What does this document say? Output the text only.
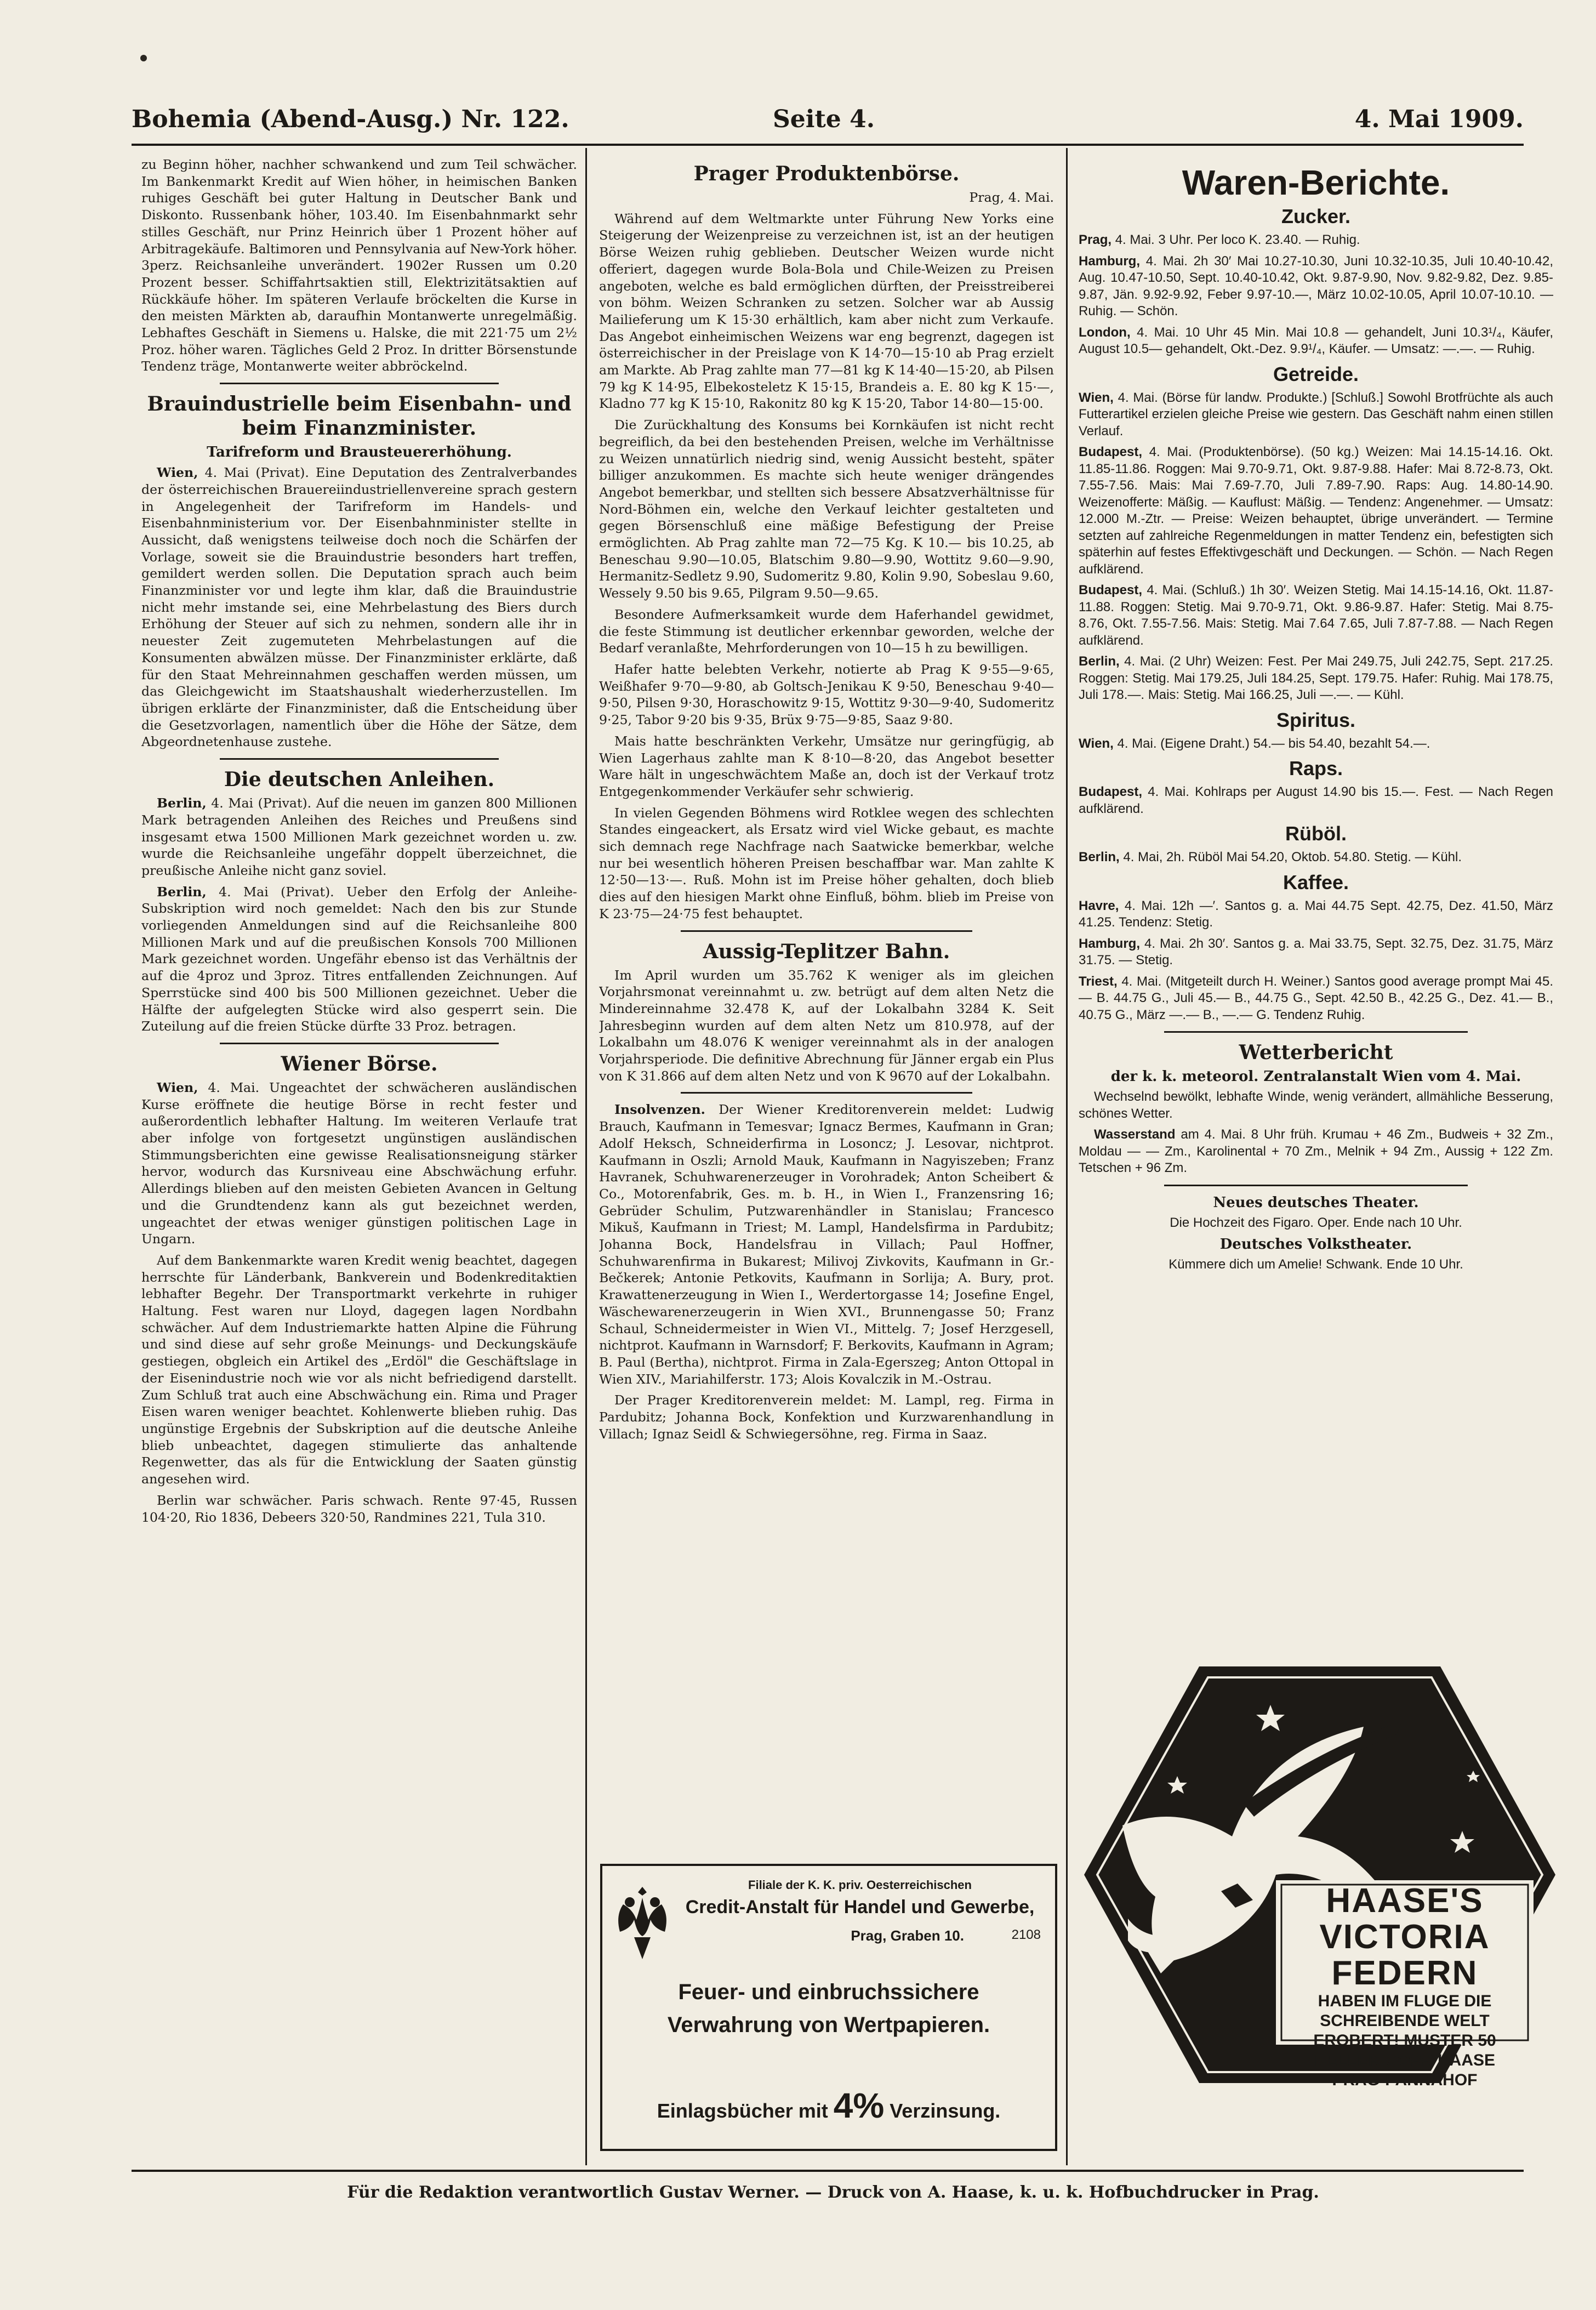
Bohemia (Abend-Ausg.) Nr. 122.	Seite 4.	4. Mai 1909.

zu Beginn höher, nachher schwankend und zum Teil schwächer. Im Bankenmarkt Kredit auf Wien höher, in heimischen Banken ruhiges Geschäft bei guter Haltung in Deutscher Bank und Diskonto. Russenbank höher, 103.40. Im Eisenbahnmarkt sehr stilles Geschäft, nur Prinz Heinrich über 1 Prozent höher auf Arbitragekäufe. Baltimoren und Pennsylvania auf New-York höher. 3perz. Reichsanleihe unverändert. 1902er Russen um 0.20 Prozent besser. Schiffahrtsaktien still, Elektrizitätsaktien auf Rückkäufe höher. Im späteren Verlaufe bröckelten die Kurse in den meisten Märkten ab, daraufhin Montanwerte unregelmäßig. Lebhaftes Geschäft in Siemens u. Halske, die mit 221·75 um 2½ Proz. höher waren. Tägliches Geld 2 Proz. In dritter Börsenstunde Tendenz träge, Montanwerte weiter abbröckelnd.

Brauindustrielle beim Eisenbahn- und beim Finanzminister.
Tarifreform und Brausteuererhöhung.

Wien, 4. Mai (Privat). Eine Deputation des Zentralverbandes der österreichischen Brauereiindustriellenvereine sprach gestern in Angelegenheit der Tarifreform im Handels- und Eisenbahnministerium vor. Der Eisenbahnminister stellte in Aussicht, daß wenigstens teilweise doch noch die Schärfen der Vorlage, soweit sie die Brauindustrie besonders hart treffen, gemildert werden sollen. Die Deputation sprach auch beim Finanzminister vor und legte ihm klar, daß die Brauindustrie nicht mehr imstande sei, eine Mehrbelastung des Biers durch Erhöhung der Steuer auf sich zu nehmen, sondern alle ihr in neuester Zeit zugemuteten Mehrbelastungen auf die Konsumenten abwälzen müsse. Der Finanzminister erklärte, daß für den Staat Mehreinnahmen geschaffen werden müssen, um das Gleichgewicht im Staatshaushalt wiederherzustellen. Im übrigen erklärte der Finanzminister, daß die Entscheidung über die Gesetzvorlagen, namentlich über die Höhe der Sätze, dem Abgeordnetenhause zustehe.

Die deutschen Anleihen.

Berlin, 4. Mai (Privat). Auf die neuen im ganzen 800 Millionen Mark betragenden Anleihen des Reiches und Preußens sind insgesamt etwa 1500 Millionen Mark gezeichnet worden u. zw. wurde die Reichsanleihe ungefähr doppelt überzeichnet, die preußische Anleihe nicht ganz soviel.

Berlin, 4. Mai (Privat). Ueber den Erfolg der Anleihe-Subskription wird noch gemeldet: Nach den bis zur Stunde vorliegenden Anmeldungen sind auf die Reichsanleihe 800 Millionen Mark und auf die preußischen Konsols 700 Millionen Mark gezeichnet worden. Ungefähr ebenso ist das Verhältnis der auf die 4proz und 3proz. Titres entfallenden Zeichnungen. Auf Sperrstücke sind 400 bis 500 Millionen gezeichnet. Ueber die Hälfte der aufgelegten Stücke wird also gesperrt sein. Die Zuteilung auf die freien Stücke dürfte 33 Proz. betragen.

Wiener Börse.

Wien, 4. Mai. Ungeachtet der schwächeren ausländischen Kurse eröffnete die heutige Börse in recht fester und außerordentlich lebhafter Haltung. Im weiteren Verlaufe trat aber infolge von fortgesetzt ungünstigen ausländischen Stimmungsberichten eine gewisse Realisationsneigung stärker hervor, wodurch das Kursniveau eine Abschwächung erfuhr. Allerdings blieben auf den meisten Gebieten Avancen in Geltung und die Grundtendenz kann als gut bezeichnet werden, ungeachtet der etwas weniger günstigen politischen Lage in Ungarn.

Auf dem Bankenmarkte waren Kredit wenig beachtet, dagegen herrschte für Länderbank, Bankverein und Bodenkreditaktien lebhafter Begehr. Der Transportmarkt verkehrte in ruhiger Haltung. Fest waren nur Lloyd, dagegen lagen Nordbahn schwächer. Auf dem Industriemarkte hatten Alpine die Führung und sind diese auf sehr große Meinungs- und Deckungskäufe gestiegen, obgleich ein Artikel des „Erdöl" die Geschäftslage in der Eisenindustrie noch wie vor als nicht befriedigend darstellt. Zum Schluß trat auch eine Abschwächung ein. Rima und Prager Eisen waren weniger beachtet. Kohlenwerte blieben ruhig. Das ungünstige Ergebnis der Subskription auf die deutsche Anleihe blieb unbeachtet, dagegen stimulierte das anhaltende Regenwetter, das als für die Entwicklung der Saaten günstig angesehen wird.

Berlin war schwächer. Paris schwach. Rente 97·45, Russen 104·20, Rio 1836, Debeers 320·50, Randmines 221, Tula 310.

Prager Produktenbörse.

Prag, 4. Mai.

Während auf dem Weltmarkte unter Führung New Yorks eine Steigerung der Weizenpreise zu verzeichnen ist, ist an der heutigen Börse Weizen ruhig geblieben. Deutscher Weizen wurde nicht offeriert, dagegen wurde Bola-Bola und Chile-Weizen zu Preisen angeboten, welche es bald ermöglichen dürften, der Preisstreiberei von böhm. Weizen Schranken zu setzen. Solcher war ab Aussig Mailieferung um K 15·30 erhältlich, kam aber nicht zum Verkaufe. Das Angebot einheimischen Weizens war eng begrenzt, dagegen ist österreichischer in der Preislage von K 14·70—15·10 ab Prag erzielt am Markte. Ab Prag zahlte man 77—81 kg K 14·40—15·20, ab Pilsen 79 kg K 14·95, Elbekosteletz K 15·15, Brandeis a. E. 80 kg K 15·—, Kladno 77 kg K 15·10, Rakonitz 80 kg K 15·20, Tabor 14·80—15·00.

Die Zurückhaltung des Konsums bei Kornkäufen ist nicht recht begreiflich, da bei den bestehenden Preisen, welche im Verhältnisse zu Weizen unnatürlich niedrig sind, wenig Aussicht besteht, später billiger anzukommen. Es machte sich heute weniger drängendes Angebot bemerkbar, und stellten sich bessere Absatzverhältnisse für Nord-Böhmen ein, welche den Verkauf leichter gestalteten und gegen Börsenschluß eine mäßige Befestigung der Preise ermöglichten. Ab Prag zahlte man 72—75 Kg. K 10.— bis 10.25, ab Beneschau 9.90—10.05, Blatschim 9.80—9.90, Wottitz 9.60—9.90, Hermanitz-Sedletz 9.90, Sudomeritz 9.80, Kolin 9.90, Sobeslau 9.60, Wessely 9.50 bis 9.65, Pilgram 9.50—9.65.

Besondere Aufmerksamkeit wurde dem Haferhandel gewidmet, die feste Stimmung ist deutlicher erkennbar geworden, welche der Bedarf veranlaßte, Mehrforderungen von 10—15 h zu bewilligen.

Hafer hatte belebten Verkehr, notierte ab Prag K 9·55—9·65, Weißhafer 9·70—9·80, ab Goltsch-Jenikau K 9·50, Beneschau 9·40—9·50, Pilsen 9·30, Horaschowitz 9·15, Wottitz 9·30—9·40, Sudomeritz 9·25, Tabor 9·20 bis 9·35, Brüx 9·75—9·85, Saaz 9·80.

Mais hatte beschränkten Verkehr, Umsätze nur geringfügig, ab Wien Lagerhaus zahlte man K 8·10—8·20, das Angebot besetter Ware hält in ungeschwächtem Maße an, doch ist der Verkauf trotz Entgegenkommender Verkäufer sehr schwierig.

In vielen Gegenden Böhmens wird Rotklee wegen des schlechten Standes eingeackert, als Ersatz wird viel Wicke gebaut, es machte sich demnach rege Nachfrage nach Saatwicke bemerkbar, welche nur bei wesentlich höheren Preisen beschaffbar war. Man zahlte K 12·50—13·—. Ruß. Mohn ist im Preise höher gehalten, doch blieb dies auf den hiesigen Markt ohne Einfluß, böhm. blieb im Preise von K 23·75—24·75 fest behauptet.

Aussig-Teplitzer Bahn.

Im April wurden um 35.762 K weniger als im gleichen Vorjahrsmonat vereinnahmt u. zw. betrügt auf dem alten Netz die Mindereinnahme 32.478 K, auf der Lokalbahn 3284 K. Seit Jahresbeginn wurden auf dem alten Netz um 810.978, auf der Lokalbahn um 48.076 K weniger vereinnahmt als in der analogen Vorjahrsperiode. Die definitive Abrechnung für Jänner ergab ein Plus von K 31.866 auf dem alten Netz und von K 9670 auf der Lokalbahn.

Insolvenzen. Der Wiener Kreditorenverein meldet: Ludwig Brauch, Kaufmann in Temesvar; Ignacz Bermes, Kaufmann in Gran; Adolf Heksch, Schneiderfirma in Losoncz; J. Lesovar, nichtprot. Kaufmann in Oszli; Arnold Mauk, Kaufmann in Nagyiszeben; Franz Havranek, Schuhwarenerzeuger in Vorohradek; Anton Scheibert & Co., Motorenfabrik, Ges. m. b. H., in Wien I., Franzensring 16; Gebrüder Schulim, Putzwarenhändler in Stanislau; Francesco Mikuš, Kaufmann in Triest; M. Lampl, Handelsfirma in Pardubitz; Johanna Bock, Handelsfrau in Villach; Paul Hoffner, Schuhwarenfirma in Bukarest; Milivoj Zivkovits, Kaufmann in Gr.-Bečkerek; Antonie Petkovits, Kaufmann in Sorlija; A. Bury, prot. Krawattenerzeugung in Wien I., Werdertorgasse 14; Josefine Engel, Wäschewarenerzeugerin in Wien XVI., Brunnengasse 50; Franz Schaul, Schneidermeister in Wien VI., Mittelg. 7; Josef Herzgesell, nichtprot. Kaufmann in Warnsdorf; F. Berkovits, Kaufmann in Agram; B. Paul (Bertha), nichtprot. Firma in Zala-Egerszeg; Anton Ottopal in Wien XIV., Mariahilferstr. 173; Alois Kovalczik in M.-Ostrau.

Der Prager Kreditorenverein meldet: M. Lampl, reg. Firma in Pardubitz; Johanna Bock, Konfektion und Kurzwarenhandlung in Villach; Ignaz Seidl & Schwiegersöhne, reg. Firma in Saaz.

Waren-Berichte.
Zucker.

Prag, 4. Mai. 3 Uhr. Per loco K. 23.40. — Ruhig.

Hamburg, 4. Mai. 2h 30′ Mai 10.27-10.30, Juni 10.32-10.35, Juli 10.40-10.42, Aug. 10.47-10.50, Sept. 10.40-10.42, Okt. 9.87-9.90, Nov. 9.82-9.82, Dez. 9.85-9.87, Jän. 9.92-9.92, Feber 9.97-10.—, März 10.02-10.05, April 10.07-10.10. — Ruhig. — Schön.

London, 4. Mai. 10 Uhr 45 Min. Mai 10.8 — gehandelt, Juni 10.3¹/₄, Käufer, August 10.5— gehandelt, Okt.-Dez. 9.9¹/₄, Käufer. — Umsatz: —.—. — Ruhig.

Getreide.

Wien, 4. Mai. (Börse für landw. Produkte.) [Schluß.] Sowohl Brotfrüchte als auch Futterartikel erzielen gleiche Preise wie gestern. Das Geschäft nahm einen stillen Verlauf.

Budapest, 4. Mai. (Produktenbörse). (50 kg.) Weizen: Mai 14.15-14.16. Okt. 11.85-11.86. Roggen: Mai 9.70-9.71, Okt. 9.87-9.88. Hafer: Mai 8.72-8.73, Okt. 7.55-7.56. Mais: Mai 7.69-7.70, Juli 7.89-7.90. Raps: Aug. 14.80-14.90. Weizenofferte: Mäßig. — Kauflust: Mäßig. — Tendenz: Angenehmer. — Umsatz: 12.000 M.-Ztr. — Preise: Weizen behauptet, übrige unverändert. — Termine setzten auf zahlreiche Regenmeldungen in matter Tendenz ein, befestigten sich späterhin auf festes Effektivgeschäft und Deckungen. — Schön. — Nach Regen aufklärend.

Budapest, 4. Mai. (Schluß.) 1h 30′. Weizen Stetig. Mai 14.15-14.16, Okt. 11.87-11.88. Roggen: Stetig. Mai 9.70-9.71, Okt. 9.86-9.87. Hafer: Stetig. Mai 8.75-8.76, Okt. 7.55-7.56. Mais: Stetig. Mai 7.64 7.65, Juli 7.87-7.88. — Nach Regen aufklärend.

Berlin, 4. Mai. (2 Uhr) Weizen: Fest. Per Mai 249.75, Juli 242.75, Sept. 217.25. Roggen: Stetig. Mai 179.25, Juli 184.25, Sept. 179.75. Hafer: Ruhig. Mai 178.75, Juli 178.—. Mais: Stetig. Mai 166.25, Juli —.—. — Kühl.

Spiritus.

Wien, 4. Mai. (Eigene Draht.) 54.— bis 54.40, bezahlt 54.—.

Raps.

Budapest, 4. Mai. Kohlraps per August 14.90 bis 15.—. Fest. — Nach Regen aufklärend.

Rüböl.

Berlin, 4. Mai, 2h. Rüböl Mai 54.20, Oktob. 54.80. Stetig. — Kühl.

Kaffee.

Havre, 4. Mai. 12h —′. Santos g. a. Mai 44.75 Sept. 42.75, Dez. 41.50, März 41.25. Tendenz: Stetig.

Hamburg, 4. Mai. 2h 30′. Santos g. a. Mai 33.75, Sept. 32.75, Dez. 31.75, März 31.75. — Stetig.

Triest, 4. Mai. (Mitgeteilt durch H. Weiner.) Santos good average prompt Mai 45.— B. 44.75 G., Juli 45.— B., 44.75 G., Sept. 42.50 B., 42.25 G., Dez. 41.— B., 40.75 G., März —.— B., —.— G. Tendenz Ruhig.

Wetterbericht
der k. k. meteorol. Zentralanstalt Wien vom 4. Mai.

Wechselnd bewölkt, lebhafte Winde, wenig verändert, allmähliche Besserung, schönes Wetter.

Wasserstand am 4. Mai. 8 Uhr früh. Krumau + 46 Zm., Budweis + 32 Zm., Moldau — — Zm., Karolinental + 70 Zm., Melnik + 94 Zm., Aussig + 122 Zm. Tetschen + 96 Zm.

Neues deutsches Theater.

Die Hochzeit des Figaro. Oper. Ende nach 10 Uhr.

Deutsches Volkstheater.

Kümmere dich um Amelie! Schwank. Ende 10 Uhr.

Filiale der K. K. priv. Oesterreichischen
Credit-Anstalt für Handel und Gewerbe,
Prag, Graben 10.	2108
Feuer- und einbruchssichere Verwahrung von Wertpapieren.
Einlagsbücher mit 4% Verzinsung.
HAASE'S
VICTORIA
FEDERN
HABEN IM FLUGE DIE
SCHREIBENDE WELT
EROBERT! MUSTER 50
HELLER GOPR HAASE
PRAG-I-ANNAHOF
Für die Redaktion verantwortlich Gustav Werner. — Druck von A. Haase, k. u. k. Hofbuchdrucker in Prag.
